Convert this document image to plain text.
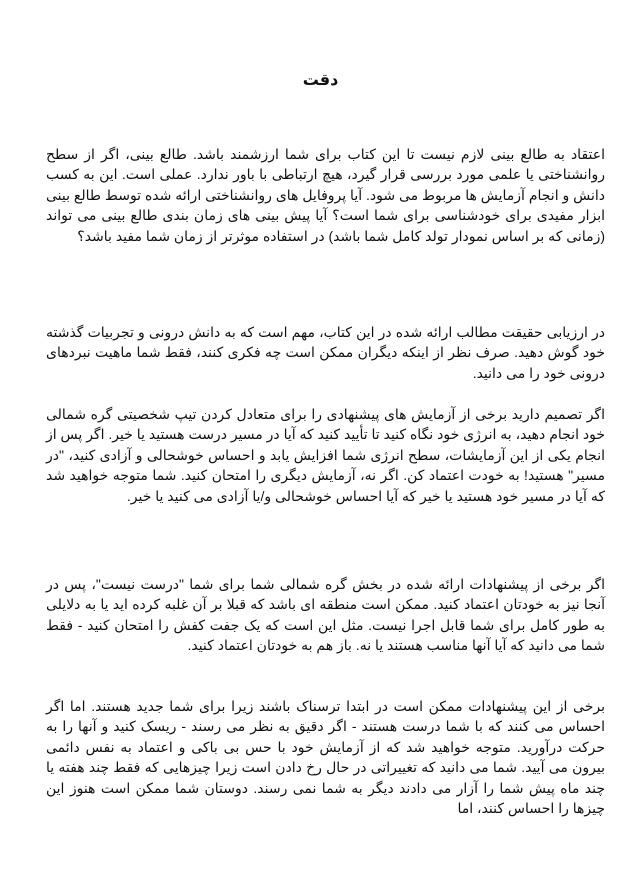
دقت

اعتقاد به طالع بینی لازم نیست تا این کتاب برای شما ارزشمند باشد. طالع بینی، اگر از سطح روانشناختی یا علمی مورد بررسی قرار گیرد، هیچ ارتباطی با باور ندارد. عملی است. این به کسب دانش و انجام آزمایش ها مربوط می شود. آیا پروفایل های روانشناختی ارائه شده توسط طالع بینی ابزار مفیدی برای خودشناسی برای شما است؟ آیا پیش بینی های زمان بندی طالع بینی می تواند (زمانی که بر اساس نمودار تولد کامل شما باشد) در استفاده موثرتر از زمان شما مفید باشد؟

در ارزیابی حقیقت مطالب ارائه شده در این کتاب، مهم است که به دانش درونی و تجربیات گذشته خود گوش دهید. صرف نظر از اینکه دیگران ممکن است چه فکری کنند، فقط شما ماهیت نبردهای درونی خود را می دانید.

اگر تصمیم دارید برخی از آزمایش های پیشنهادی را برای متعادل کردن تیپ شخصیتی گره شمالی خود انجام دهید، به انرژی خود نگاه کنید تا تأیید کنید که آیا در مسیر درست هستید یا خیر. اگر پس از انجام یکی از این آزمایشات، سطح انرژی شما افزایش یابد و احساس خوشحالی و آزادی کنید، "در مسیر" هستید! به خودت اعتماد کن. اگر نه، آزمایش دیگری را امتحان کنید. شما متوجه خواهید شد که آیا در مسیر خود هستید یا خیر که آیا احساس خوشحالی و/یا آزادی می کنید یا خیر.

اگر برخی از پیشنهادات ارائه شده در بخش گره شمالی شما برای شما "درست نیست"، پس در آنجا نیز به خودتان اعتماد کنید. ممکن است منطقه ای باشد که قبلا بر آن غلبه کرده اید یا به دلایلی به طور کامل برای شما قابل اجرا نیست. مثل این است که یک جفت کفش را امتحان کنید - فقط شما می دانید که آیا آنها مناسب هستند یا نه. باز هم به خودتان اعتماد کنید.

برخی از این پیشنهادات ممکن است در ابتدا ترسناک باشند زیرا برای شما جدید هستند. اما اگر احساس می کنند که با شما درست هستند - اگر دقیق به نظر می رسند - ریسک کنید و آنها را به حرکت درآورید. متوجه خواهید شد که از آزمایش خود با حس بی باکی و اعتماد به نفس دائمی بیرون می آیید. شما می دانید که تغییراتی در حال رخ دادن است زیرا چیزهایی که فقط چند هفته یا چند ماه پیش شما را آزار می دادند دیگر به شما نمی رسند. دوستان شما ممکن است هنوز این چیزها را احساس کنند، اما
